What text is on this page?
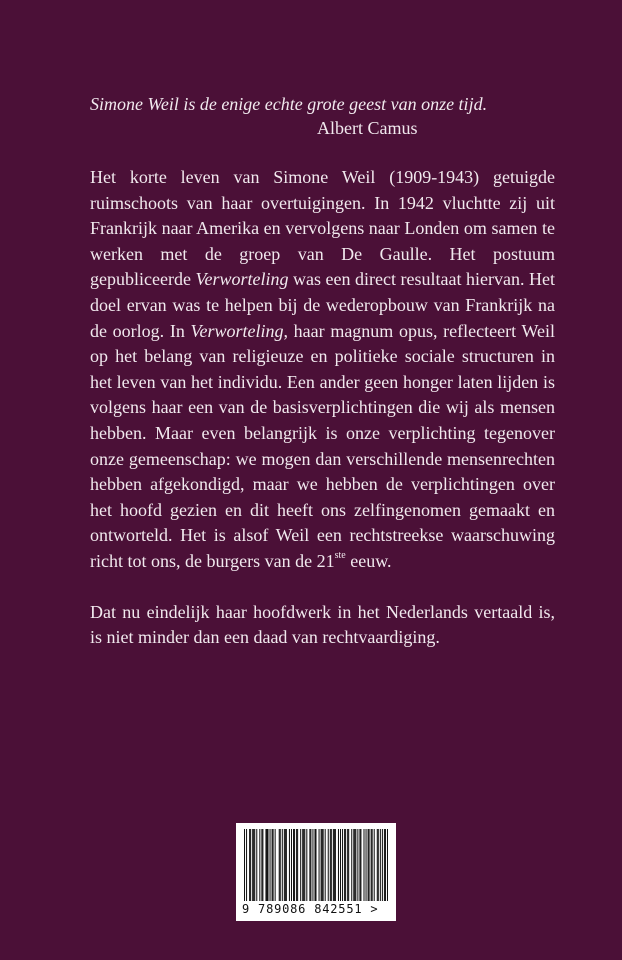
Simone Weil is de enige echte grote geest van onze tijd.
Albert Camus

Het korte leven van Simone Weil (1909-1943) getuigde ruimschoots van haar overtuigingen. In 1942 vluchtte zij uit Frankrijk naar Amerika en vervolgens naar Londen om samen te werken met de groep van De Gaulle. Het postuum gepubliceerde Verworteling was een direct resultaat hiervan. Het doel ervan was te helpen bij de wederopbouw van Frankrijk na de oorlog. In Verworteling, haar magnum opus, reflecteert Weil op het belang van religieuze en politieke sociale structuren in het leven van het individu. Een ander geen honger laten lijden is volgens haar een van de basisverplichtingen die wij als mensen hebben. Maar even belangrijk is onze verplichting tegenover onze gemeenschap: we mogen dan verschillende mensenrechten hebben afgekondigd, maar we hebben de verplichtingen over het hoofd gezien en dit heeft ons zelfingenomen gemaakt en ontworteld. Het is alsof Weil een rechtstreekse waarschuwing richt tot ons, de burgers van de 21ste eeuw.

Dat nu eindelijk haar hoofdwerk in het Nederlands vertaald is, is niet minder dan een daad van rechtvaardiging.

9 789086 842551 >
